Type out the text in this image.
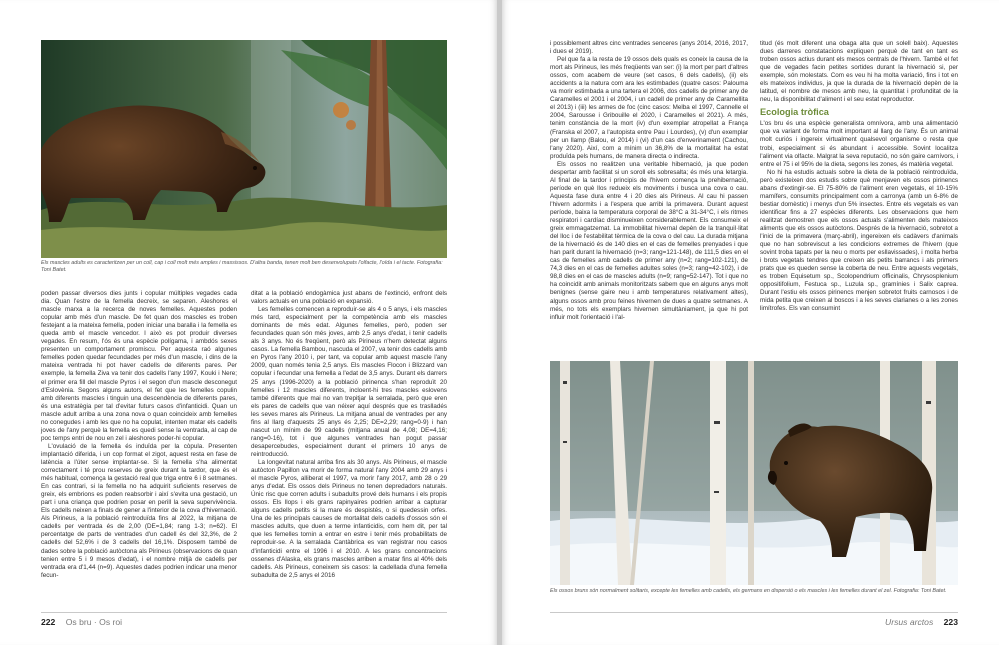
Els mascles adults es caracteritzen per un coll, cap i coll molt més amples i massissos. D'altra banda, tenen molt ben desenvolupats l'olfacte, l'oïda i el tacte. Fotografia: Toni Batet.

poden passar diversos dies junts i copular múltiples vegades cada dia. Quan l'estre de la femella decreix, se separen. Aleshores el mascle marxa a la recerca de noves femelles. Aquestes poden copular amb més d'un mascle. De fet quan dos mascles es troben festejant a la mateixa femella, poden iniciar una baralla i la femella es queda amb el mascle vencedor. I això es pot produir diverses vegades. En resum, l'ós és una espècie polígama, i ambdós sexes presenten un comportament promiscu. Per aquesta raó algunes femelles poden quedar fecundades per més d'un mascle, i dins de la mateixa ventrada hi pot haver cadells de diferents pares. Per exemple, la femella Ziva va tenir dos cadells l'any 1997, Kouki i Nere; el primer era fill del mascle Pyros i el segon d'un mascle desconegut d'Eslovènia. Segons alguns autors, el fet que les femelles copulin amb diferents mascles i tinguin una descendència de diferents pares, és una estratègia per tal d'evitar futurs casos d'infanticidi. Quan un mascle adult arriba a una zona nova o quan coincideix amb femelles no conegudes i amb les que no ha copulat, intenten matar els cadells joves de l'any perquè la femella es quedi sense la ventrada, al cap de poc temps entri de nou en zel i aleshores poder-hi copular.

L'ovulació de la femella és induïda per la còpula. Presenten implantació diferida, i un cop format el zigot, aquest resta en fase de latència a l'úter sense implantar-se. Si la femella s'ha alimentat correctament i té prou reserves de greix durant la tardor, que és el més habitual, comença la gestació real que triga entre 6 i 8 setmanes. En cas contrari, si la femella no ha adquirit suficients reserves de greix, els embrions es poden reabsorbir i així s'evita una gestació, un part i una criança que podrien posar en perill la seva supervivència. Els cadells neixen a finals de gener a l'interior de la cova d'hivernació. Als Pirineus, a la població reintroduïda fins al 2022, la mitjana de cadells per ventrada és de 2,00 (DE=1,84; rang 1-3; n=62). El percentatge de parts de ventrades d'un cadell és del 32,3%, de 2 cadells del 52,6% i de 3 cadells del 16,1%. Disposem també de dades sobre la població autòctona als Pirineus (observacions de quan tenien entre 5 i 9 mesos d'edat), i el nombre mitjà de cadells per ventrada era d'1,44 (n=9). Aquestes dades podrien indicar una menor fecun-

ditat a la població endogàmica just abans de l'extinció, enfront dels valors actuals en una població en expansió.

Les femelles comencen a reproduir-se als 4 o 5 anys, i els mascles més tard, especialment per la competència amb els mascles dominants de més edat. Algunes femelles, però, poden ser fecundades quan són més joves, amb 2,5 anys d'edat, i tenir cadells als 3 anys. No és freqüent, però als Pirineus n'hem detectat alguns casos. La femella Bambou, nascuda el 2007, va tenir dos cadells amb en Pyros l'any 2010 i, per tant, va copular amb aquest mascle l'any 2009, quan només tenia 2,5 anys. Els mascles Flocon i Blizzard van copular i fecundar una femella a l'edat de 3,5 anys. Durant els darrers 25 anys (1996-2020) a la població pirinenca s'han reproduït 20 femelles i 12 mascles diferents, incloent-hi tres mascles eslovens també diferents que mai no van trepitjar la serralada, però que eren els pares de cadells que van néixer aquí després que es traslladés les seves mares als Pirineus. La mitjana anual de ventrades per any fins al llarg d'aquests 25 anys és 2,25; DE=2,29; rang=0-9) i han nascut un mínim de 99 cadells (mitjana anual de 4,08; DE=4,16; rang=0-16), tot i que algunes ventrades han pogut passar desapercebudes, especialment durant el primers 10 anys de reintroducció.

La longevitat natural arriba fins als 30 anys. Als Pirineus, el mascle autòcton Papillon va morir de forma natural l'any 2004 amb 29 anys i el mascle Pyros, alliberat el 1997, va morir l'any 2017, amb 28 o 29 anys d'edat. Els ossos dels Pirineus no tenen depredadors naturals. Únic risc que corren adults i subadults prové dels humans i els propis ossos. Els llops i els grans rapinyaires podrien arribar a capturar alguns cadells petits si la mare és despistés, o si quedessin orfes. Una de les principals causes de mortalitat dels cadells d'ossos són el mascles adults, que duen a terme infanticidis, com hem dit, per tal que les femelles tornin a entrar en estre i tenir més probabilitats de reproduir-se. A la serralada Cantàbrica es van registrar nou casos d'infanticidi entre el 1996 i el 2010. A les grans concentracions ossenes d'Alaska, els grans mascles arriben a matar fins al 40% dels cadells. Als Pirineus, coneixem sis casos: la cadellada d'una femella subadulta de 2,5 anys el 2016

222 Os bru · Os roi

i possiblement altres cinc ventrades senceres (anys 2014, 2016, 2017, i dues el 2019).

Pel que fa a la resta de 19 ossos dels quals es coneix la causa de la mort als Pirineus, les més freqüents van ser: (i) la mort per part d'altres ossos, com acabem de veure (set casos, 6 dels cadells), (ii) els accidents a la natura com ara les estimbades (quatre casos: Paloumа va morir estimbada a una tartera el 2006, dos cadells de primer any de Caramelles el 2001 i el 2004, i un cadell de primer any de Caramellita el 2013) i (iii) les armes de foc (cinc casos: Melba el 1997, Cannelle el 2004, Sarousse i Gribouille el 2020, i Caramelles el 2021). A més, tenim constància de la mort (iv) d'un exemplar atropellat a França (Franska el 2007, a l'autopista entre Pau i Lourdes), (v) d'un exemplar per un llamp (Balou, el 2014) i (vi) d'un cas d'enverinament (Cachou, l'any 2020). Així, com a mínim un 36,8% de la mortalitat ha estat produïda pels humans, de manera directa o indirecta.

Els ossos no realitzen una veritable hibernació, ja que poden despertar amb facilitat si un soroll els sobresalta; és més una letargia. Al final de la tardor i principis de l'hivern comença la prehibernació, període en què llos redueix els moviments i busca una cova o cau. Aquesta fase dura entre 4 i 20 dies als Pirineus. Al cau hi passen l'hivern adormits i a l'espera que arribi la primavera. Durant aquest període, baixa la temperatura corporal de 38°C a 31-34°C, i els ritmes respiratori i cardíac disminueixen considerablement. Els consumeix el greix emmagatzemat. La immobilitat hivernal depèn de la tranquil·litat del lloc i de l'estabilitat tèrmica de la cova o del cau. La durada mitjana de la hivernació és de 140 dies en el cas de femelles prenyades i que han parit durant la hivernació (n=3; rang=121-148), de 111,5 dies en el cas de femelles amb cadells de primer any (n=2; rang=102-121), de 74,3 dies en el cas de femelles adultes soles (n=3; rang=42-102), i de 98,8 dies en el cas de mascles adults (n=9; rang=52-147). Tot i que no ha coincidit amb animals monitoritzats sabem que en alguns anys molt benignes (sense gaire neu i amb temperatures relativament altes), alguns ossos amb prou feines hivernen de dues a quatre setmanes. A més, no tots els exemplars hivernen simultàniament, ja que hi pot influir molt l'orientació i l'al-

titud (és molt diferent una obaga alta que un solell baix). Aquestes dues darreres constatacions expliquen perquè de tant en tant es troben ossos actius durant els mesos centrals de l'hivern. També el fet que de vegades facin petites sortides durant la hivernació si, per exemple, són molestats. Com es veu hi ha molta variació, fins i tot en els mateixos individus, ja que la durada de la hivernació depèn de la latitud, el nombre de mesos amb neu, la quantitat i profunditat de la neu, la disponibilitat d'aliment i el seu estat reproductor.

Ecologia tròfica

L'os bru és una espècie generalista omnívora, amb una alimentació que va variant de forma molt important al llarg de l'any. És un animal molt curiós i ingereix virtualment qualsevol organisme o resta que trobi, especialment si és abundant i accessible. Sovint localitza l'aliment via olfacte. Malgrat la seva reputació, no són gaire carnívors, i entre el 75 i el 95% de la dieta, segons les zones, és matèria vegetal.

No hi ha estudis actuals sobre la dieta de la població reintroduïda, però existeixen dos estudis sobre què menjaven els ossos pirinencs abans d'extingir-se. El 75-80% de l'aliment eren vegetals, el 10-15% mamífers, consumits principalment com a carronya (amb un 6-8% de bestiar domèstic) i menys d'un 5% insectes. Entre els vegetals es van identificar fins a 27 espècies diferents. Les observacions que hem realitzat demostren que els ossos actuals s'alimenten dels mateixos aliments que els ossos autòctons. Després de la hivernació, sobretot a l'inici de la primavera (març-abril), ingereixen els cadàvers d'animals que no han sobreviscut a les condicions extremes de l'hivern (que sovint troba tapats per la neu o morts per esllavissades), i molta herba i brots vegetals tendres que creixen als petits barrancs i als primers prats que es queden sense la coberta de neu. Entre aquests vegetals, es troben Equisetum sp., Scolopendrium officinalis, Chrysosplenium oppositifolium, Festuca sp., Luzula sp., gramínies i Salix caprea. Durant l'estiu els ossos pirinencs menjen sobretot fruits carnosos i de mida petita que creixen al boscos i a les seves clarianes o a les zones limítrofes. Els van consumint

Els ossos bruns són normalment solitaris, excepte les femelles amb cadells, els germans en dispersió o els mascles i les femelles durant el zel. Fotografia: Toni Batet.
Ursus arctos 223
